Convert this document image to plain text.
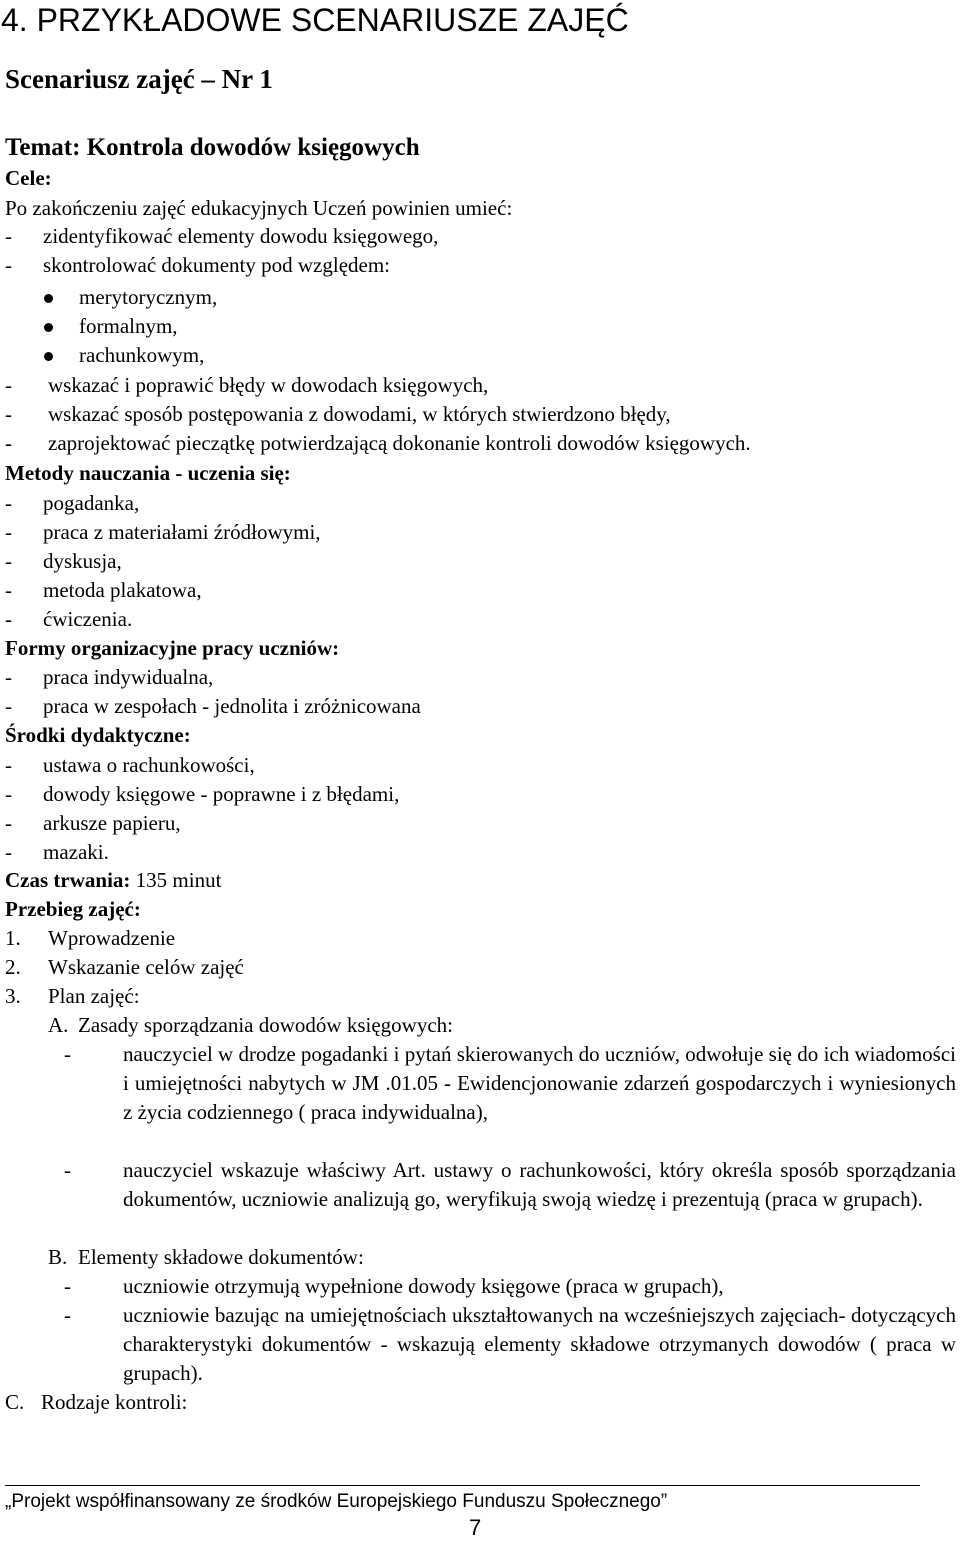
4. PRZYKŁADOWE SCENARIUSZE ZAJĘĆ
Scenariusz zajęć – Nr 1
Temat: Kontrola dowodów księgowych
Cele:
Po zakończeniu zajęć edukacyjnych Uczeń powinien umieć:
- zidentyfikować elementy dowodu księgowego,
- skontrolować dokumenty pod względem:
merytorycznym,
formalnym,
rachunkowym,
- wskazać i poprawić błędy w dowodach księgowych,
- wskazać sposób postępowania z dowodami, w których stwierdzono błędy,
- zaprojektować pieczątkę potwierdzającą dokonanie kontroli dowodów księgowych.
Metody nauczania - uczenia się:
- pogadanka,
- praca z materiałami źródłowymi,
- dyskusja,
- metoda plakatowa,
- ćwiczenia.
Formy organizacyjne pracy uczniów:
- praca indywidualna,
- praca w zespołach - jednolita i zróżnicowana
Środki dydaktyczne:
- ustawa o rachunkowości,
- dowody księgowe - poprawne i z błędami,
- arkusze papieru,
- mazaki.
Czas trwania: 135 minut
Przebieg zajęć:
1. Wprowadzenie
2. Wskazanie celów zajęć
3. Plan zajęć:
A. Zasady sporządzania dowodów księgowych:
- nauczyciel w drodze pogadanki i pytań skierowanych do uczniów, odwołuje się do ich wiadomości i umiejętności nabytych w JM .01.05 - Ewidencjonowanie zdarzeń gospodarczych i wyniesionych z życia codziennego ( praca indywidualna),
- nauczyciel wskazuje właściwy Art. ustawy o rachunkowości, który określa sposób sporządzania dokumentów, uczniowie analizują go, weryfikują swoją wiedzę i prezentują (praca w grupach).
B. Elementy składowe dokumentów:
- uczniowie otrzymują wypełnione dowody księgowe (praca w grupach),
- uczniowie bazując na umiejętnościach ukształtowanych na wcześniejszych zajęciach- dotyczących charakterystyki dokumentów - wskazują elementy składowe otrzymanych dowodów ( praca w grupach).
C. Rodzaje kontroli:
„Projekt współfinansowany ze środków Europejskiego Funduszu Społecznego”
7
